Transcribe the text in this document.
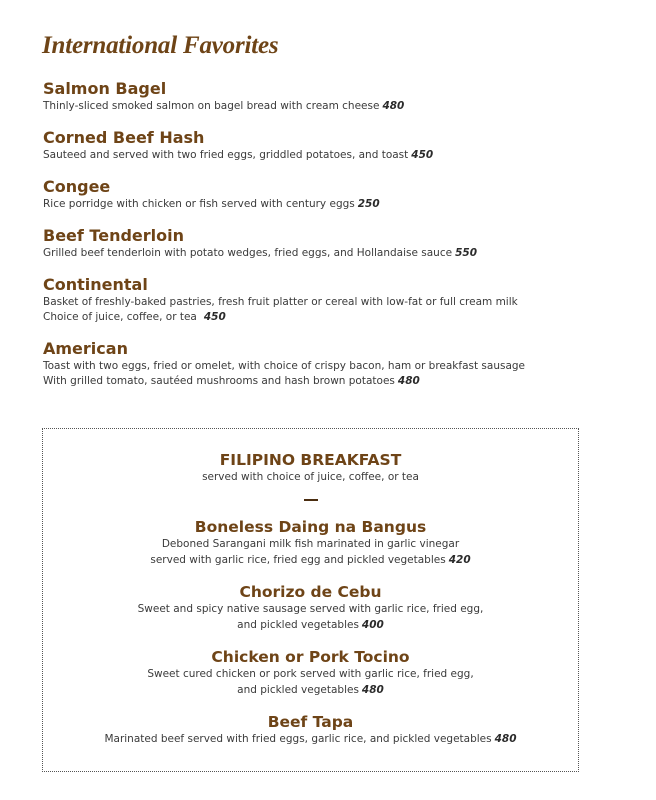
International Favorites

Salmon Bagel

Thinly-sliced smoked salmon on bagel bread with cream cheese 480

Corned Beef Hash

Sauteed and served with two fried eggs, griddled potatoes, and toast 450

Congee

Rice porridge with chicken or fish served with century eggs 250

Beef Tenderloin

Grilled beef tenderloin with potato wedges, fried eggs, and Hollandaise sauce 550

Continental

Basket of freshly-baked pastries, fresh fruit platter or cereal with low-fat or full cream milk
Choice of juice, coffee, or tea 450

American

Toast with two eggs, fried or omelet, with choice of crispy bacon, ham or breakfast sausage
With grilled tomato, sautéed mushrooms and hash brown potatoes 480

FILIPINO BREAKFAST

served with choice of juice, coffee, or tea

Boneless Daing na Bangus

Deboned Sarangani milk fish marinated in garlic vinegar
served with garlic rice, fried egg and pickled vegetables 420

Chorizo de Cebu

Sweet and spicy native sausage served with garlic rice, fried egg,
and pickled vegetables 400

Chicken or Pork Tocino

Sweet cured chicken or pork served with garlic rice, fried egg,
and pickled vegetables 480

Beef Tapa

Marinated beef served with fried eggs, garlic rice, and pickled vegetables 480
